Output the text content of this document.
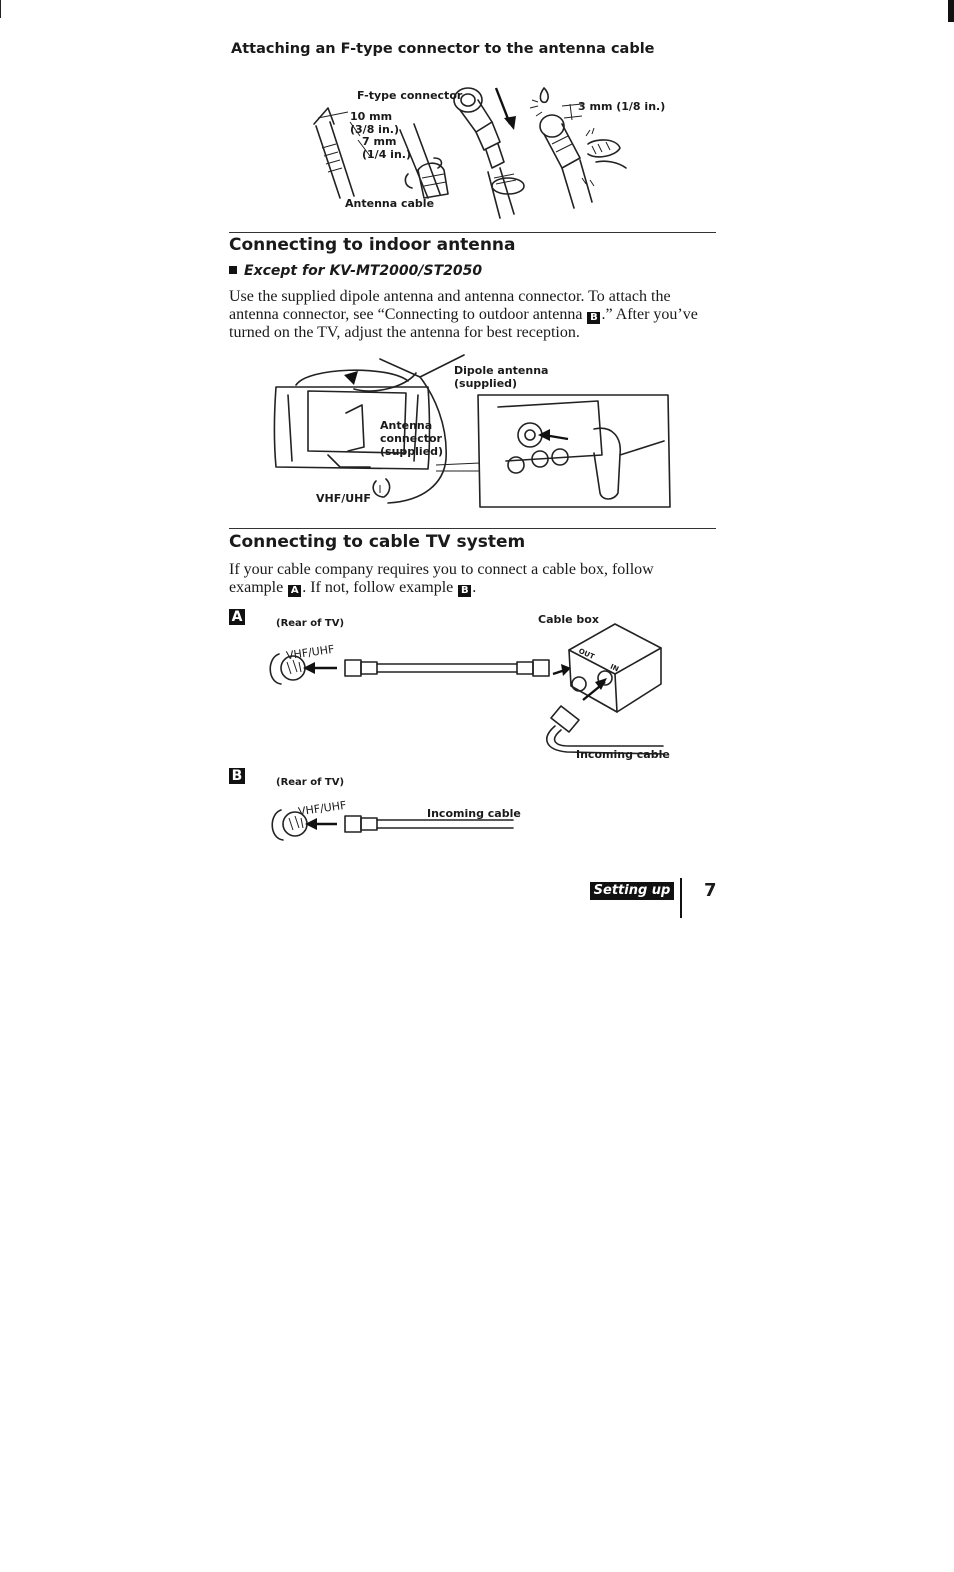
Attaching an F-type connector to the antenna cable
F-type connector
10 mm
(3/8 in.)
7 mm
(1/4 in.)
3 mm (1/8 in.)
Antenna cable
Connecting to indoor antenna
Except for KV-MT2000/ST2050
Use the supplied dipole antenna and antenna connector. To attach the antenna connector, see “Connecting to outdoor antenna B .” After you’ve turned on the TV, adjust the antenna for best reception.
Dipole antenna
(supplied)
Antenna
connector
(supplied)
VHF/UHF
Connecting to cable TV system
If your cable company requires you to connect a cable box, follow example A . If not, follow example B .
A	(Rear of TV)	Cable box
VHF/UHF	OUT
IN
Incoming cable
B	(Rear of TV)
VHF/UHF	Incoming cable
Setting up 7
